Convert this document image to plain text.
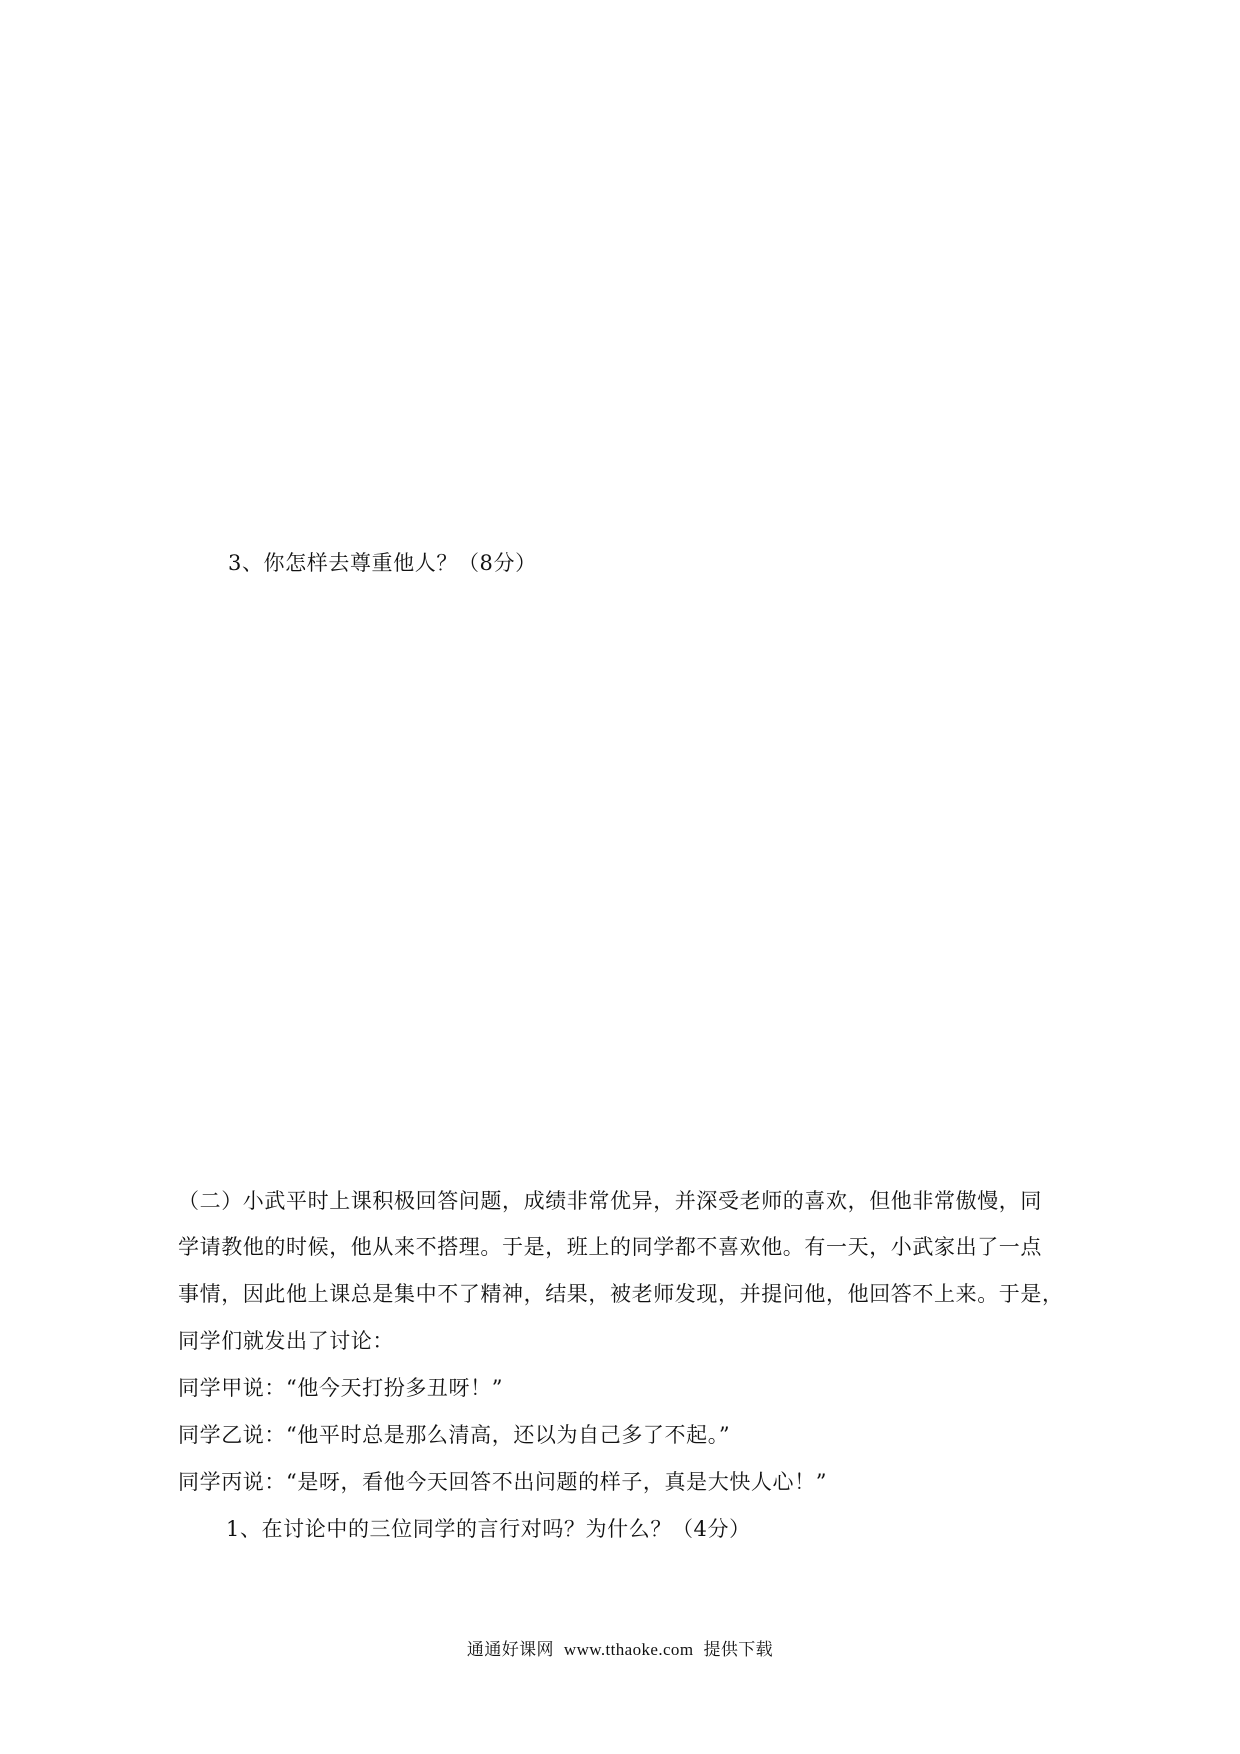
3、你怎样去尊重他人？（8分）
（二）小武平时上课积极回答问题，成绩非常优异，并深受老师的喜欢，但他非常傲慢，同
学请教他的时候，他从来不搭理。于是，班上的同学都不喜欢他。有一天，小武家出了一点
事情，因此他上课总是集中不了精神，结果，被老师发现，并提问他，他回答不上来。于是，
同学们就发出了讨论：
同学甲说：“他今天打扮多丑呀！”
同学乙说：“他平时总是那么清高，还以为自己多了不起。”
同学丙说：“是呀，看他今天回答不出问题的样子，真是大快人心！”
1、在讨论中的三位同学的言行对吗？为什么？（4分）
通通好课网 www.tthaoke.com 提供下载
